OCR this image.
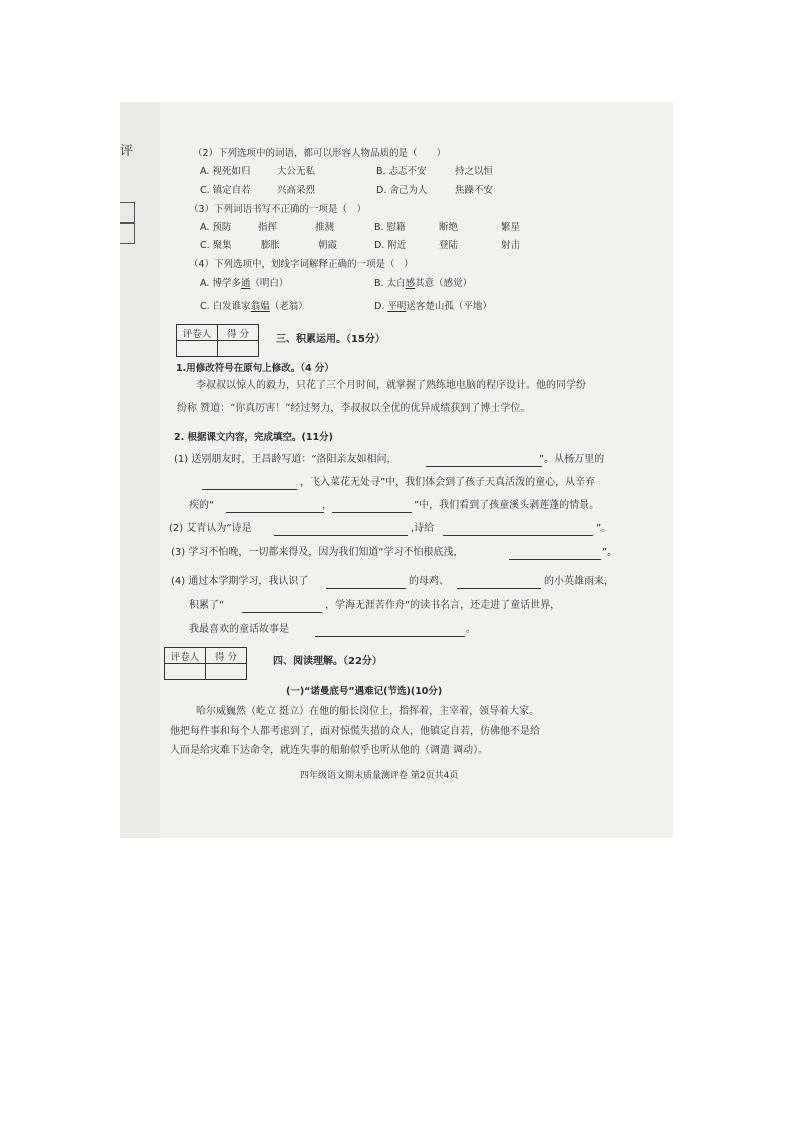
评	（2）下列选项中的词语，都可以形容人物品质的是（　　）
A. 视死如归	大公无私	B. 忐忑不安	持之以恒
C. 镇定自若	兴高采烈	D. 舍己为人	焦躁不安
（3）下列词语书写不正确的一项是（　）
A. 预防	指挥	推测	B. 慰籍	断绝	繁星
C. 聚集	膨胀	朝霞	D. 附近	登陆	射击
（4）下列选项中，划线字词解释正确的一项是（　）
A. 博学多通（明白）	B. 太白感其意（感觉）
C. 白发谁家翁媪（老翁）	D. 平明送客楚山孤（平地）
评卷人	得 分
		三、积累运用。（15分）
1.用修改符号在原句上修改。（4 分）
李叔叔以惊人的毅力，只花了三个月时间，就掌握了熟练地电脑的程序设计。他的同学纷
纷称 赞道：“你真厉害！”经过努力，李叔叔以全优的优异成绩获到了博士学位。
2. 根据课文内容，完成填空。(11分)
(1) 送别朋友时，王昌龄写道：“洛阳亲友如相问，	”。从杨万里的
，飞入菜花无处寻”中，我们体会到了孩子天真活泼的童心，从辛弃
疾的“	，	”中，我们看到了孩童溪头剥莲蓬的情景。
(2) 艾青认为“诗是	,诗给	”。
(3) 学习不怕晚，一切都来得及，因为我们知道“学习不怕根底浅，	”。
(4) 通过本学期学习，我认识了	的母鸡、	的小英雄雨来，
积累了“	，学海无涯苦作舟”的读书名言，还走进了童话世界，
我最喜欢的童话故事是	。
评卷人	得 分
		四、阅读理解。（22分）
(一)“诺曼底号”遇难记(节选)(10分)
哈尔威巍然（屹立 挺立）在他的船长岗位上，指挥着，主宰着，领导着大家。
他把每件事和每个人都考虑到了，面对惊慌失措的众人，他镇定自若，仿佛他不是给
人而是给灾难下达命令，就连失事的船舶似乎也听从他的（调遣 调动）。
四年级语文期末质量测评卷 第2页共4页
